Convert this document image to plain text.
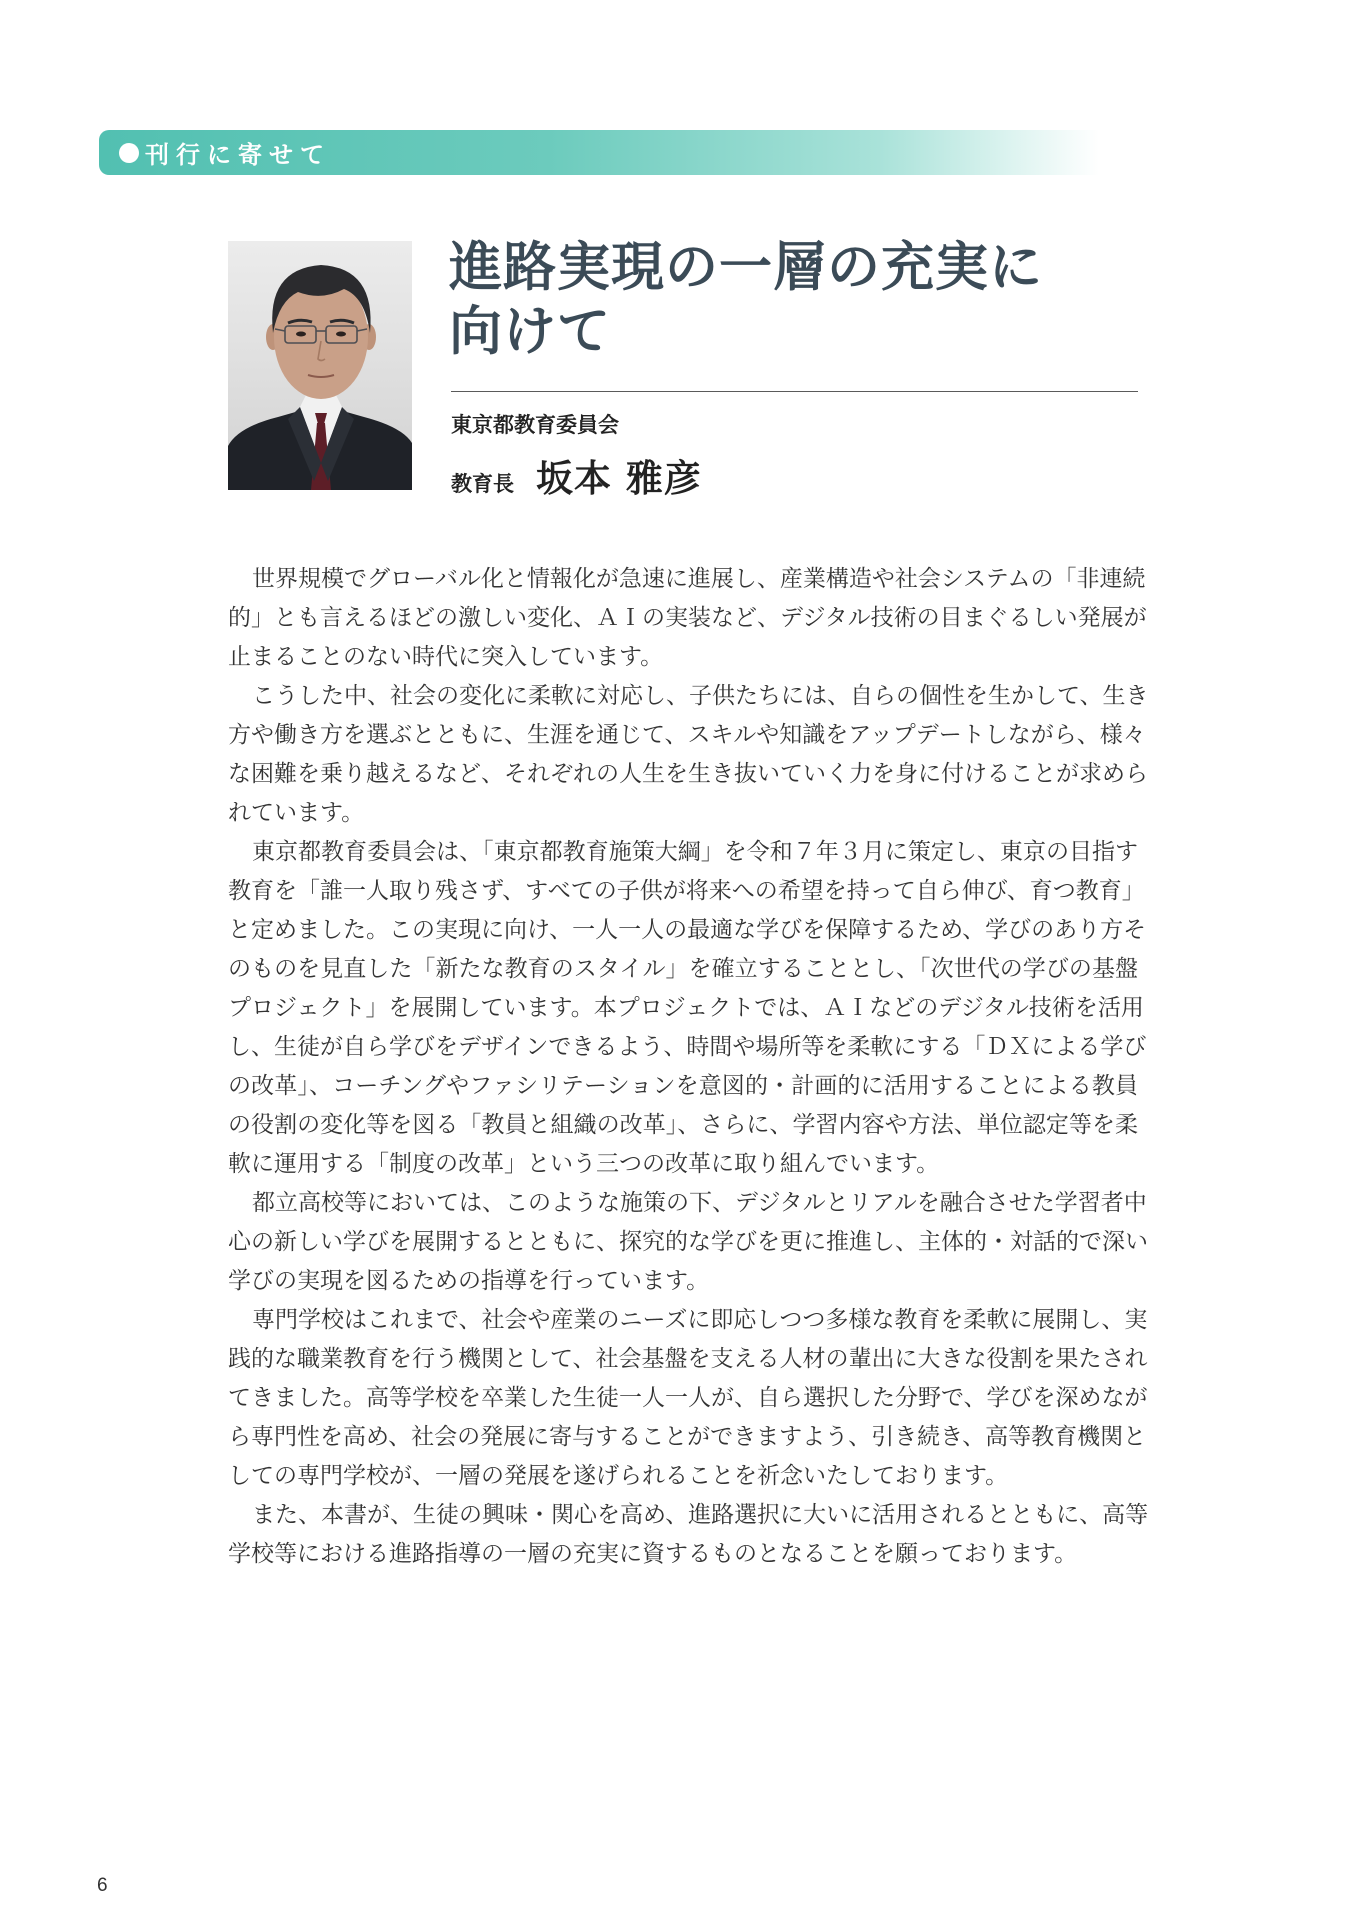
刊行に寄せて
進路実現の一層の充実に
向けて
東京都教育委員会
教育長 坂本 雅彦
世界規模でグローバル化と情報化が急速に進展し、産業構造や社会システムの「非連続
的」とも言えるほどの激しい変化、ＡＩの実装など、デジタル技術の目まぐるしい発展が
止まることのない時代に突入しています。
こうした中、社会の変化に柔軟に対応し、子供たちには、自らの個性を生かして、生き
方や働き方を選ぶとともに、生涯を通じて、スキルや知識をアップデートしながら、様々
な困難を乗り越えるなど、それぞれの人生を生き抜いていく力を身に付けることが求めら
れています。
東京都教育委員会は、「東京都教育施策大綱」を令和７年３月に策定し、東京の目指す
教育を「誰一人取り残さず、すべての子供が将来への希望を持って自ら伸び、育つ教育」
と定めました。この実現に向け、一人一人の最適な学びを保障するため、学びのあり方そ
のものを見直した「新たな教育のスタイル」を確立することとし、「次世代の学びの基盤
プロジェクト」を展開しています。本プロジェクトでは、ＡＩなどのデジタル技術を活用
し、生徒が自ら学びをデザインできるよう、時間や場所等を柔軟にする「ＤＸによる学び
の改革」、コーチングやファシリテーションを意図的・計画的に活用することによる教員
の役割の変化等を図る「教員と組織の改革」、さらに、学習内容や方法、単位認定等を柔
軟に運用する「制度の改革」という三つの改革に取り組んでいます。
都立高校等においては、このような施策の下、デジタルとリアルを融合させた学習者中
心の新しい学びを展開するとともに、探究的な学びを更に推進し、主体的・対話的で深い
学びの実現を図るための指導を行っています。
専門学校はこれまで、社会や産業のニーズに即応しつつ多様な教育を柔軟に展開し、実
践的な職業教育を行う機関として、社会基盤を支える人材の輩出に大きな役割を果たされ
てきました。高等学校を卒業した生徒一人一人が、自ら選択した分野で、学びを深めなが
ら専門性を高め、社会の発展に寄与することができますよう、引き続き、高等教育機関と
しての専門学校が、一層の発展を遂げられることを祈念いたしております。
また、本書が、生徒の興味・関心を高め、進路選択に大いに活用されるとともに、高等
学校等における進路指導の一層の充実に資するものとなることを願っております。
6
